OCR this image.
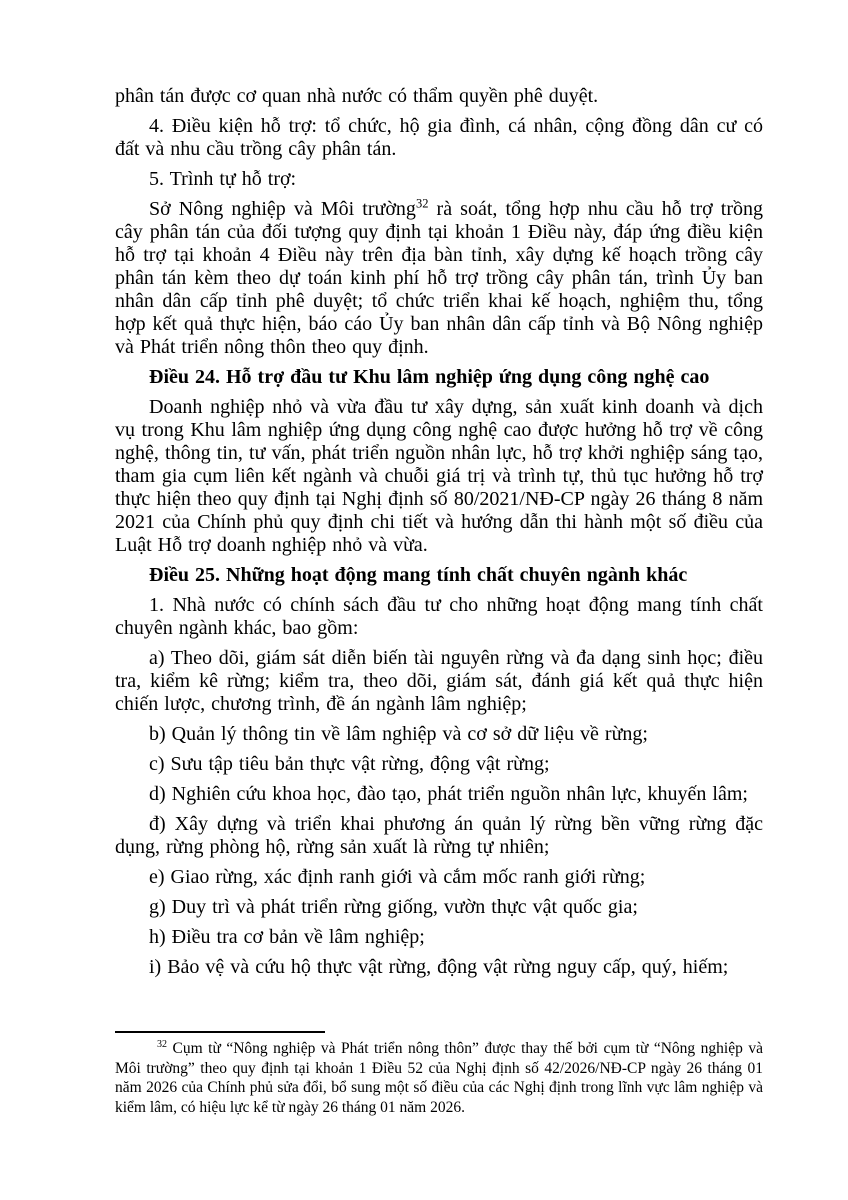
phân tán được cơ quan nhà nước có thẩm quyền phê duyệt.

4. Điều kiện hỗ trợ: tổ chức, hộ gia đình, cá nhân, cộng đồng dân cư có đất và nhu cầu trồng cây phân tán.

5. Trình tự hỗ trợ:

Sở Nông nghiệp và Môi trường$^{32}$ rà soát, tổng hợp nhu cầu hỗ trợ trồng cây phân tán của đối tượng quy định tại khoản 1 Điều này, đáp ứng điều kiện hỗ trợ tại khoản 4 Điều này trên địa bàn tỉnh, xây dựng kế hoạch trồng cây phân tán kèm theo dự toán kinh phí hỗ trợ trồng cây phân tán, trình Ủy ban nhân dân cấp tỉnh phê duyệt; tổ chức triển khai kế hoạch, nghiệm thu, tổng hợp kết quả thực hiện, báo cáo Ủy ban nhân dân cấp tỉnh và Bộ Nông nghiệp và Phát triển nông thôn theo quy định.

Điều 24. Hỗ trợ đầu tư Khu lâm nghiệp ứng dụng công nghệ cao

Doanh nghiệp nhỏ và vừa đầu tư xây dựng, sản xuất kinh doanh và dịch vụ trong Khu lâm nghiệp ứng dụng công nghệ cao được hưởng hỗ trợ về công nghệ, thông tin, tư vấn, phát triển nguồn nhân lực, hỗ trợ khởi nghiệp sáng tạo, tham gia cụm liên kết ngành và chuỗi giá trị và trình tự, thủ tục hưởng hỗ trợ thực hiện theo quy định tại Nghị định số 80/2021/NĐ-CP ngày 26 tháng 8 năm 2021 của Chính phủ quy định chi tiết và hướng dẫn thi hành một số điều của Luật Hỗ trợ doanh nghiệp nhỏ và vừa.

Điều 25. Những hoạt động mang tính chất chuyên ngành khác

1. Nhà nước có chính sách đầu tư cho những hoạt động mang tính chất chuyên ngành khác, bao gồm:

a) Theo dõi, giám sát diễn biến tài nguyên rừng và đa dạng sinh học; điều tra, kiểm kê rừng; kiểm tra, theo dõi, giám sát, đánh giá kết quả thực hiện chiến lược, chương trình, đề án ngành lâm nghiệp;

b) Quản lý thông tin về lâm nghiệp và cơ sở dữ liệu về rừng;

c) Sưu tập tiêu bản thực vật rừng, động vật rừng;

d) Nghiên cứu khoa học, đào tạo, phát triển nguồn nhân lực, khuyến lâm;

đ) Xây dựng và triển khai phương án quản lý rừng bền vững rừng đặc dụng, rừng phòng hộ, rừng sản xuất là rừng tự nhiên;

e) Giao rừng, xác định ranh giới và cắm mốc ranh giới rừng;

g) Duy trì và phát triển rừng giống, vườn thực vật quốc gia;

h) Điều tra cơ bản về lâm nghiệp;

i) Bảo vệ và cứu hộ thực vật rừng, động vật rừng nguy cấp, quý, hiếm;

$^{32}$ Cụm từ “Nông nghiệp và Phát triển nông thôn” được thay thế bởi cụm từ “Nông nghiệp và Môi trường” theo quy định tại khoản 1 Điều 52 của Nghị định số 42/2026/NĐ-CP ngày 26 tháng 01 năm 2026 của Chính phủ sửa đổi, bổ sung một số điều của các Nghị định trong lĩnh vực lâm nghiệp và kiểm lâm, có hiệu lực kể từ ngày 26 tháng 01 năm 2026.
